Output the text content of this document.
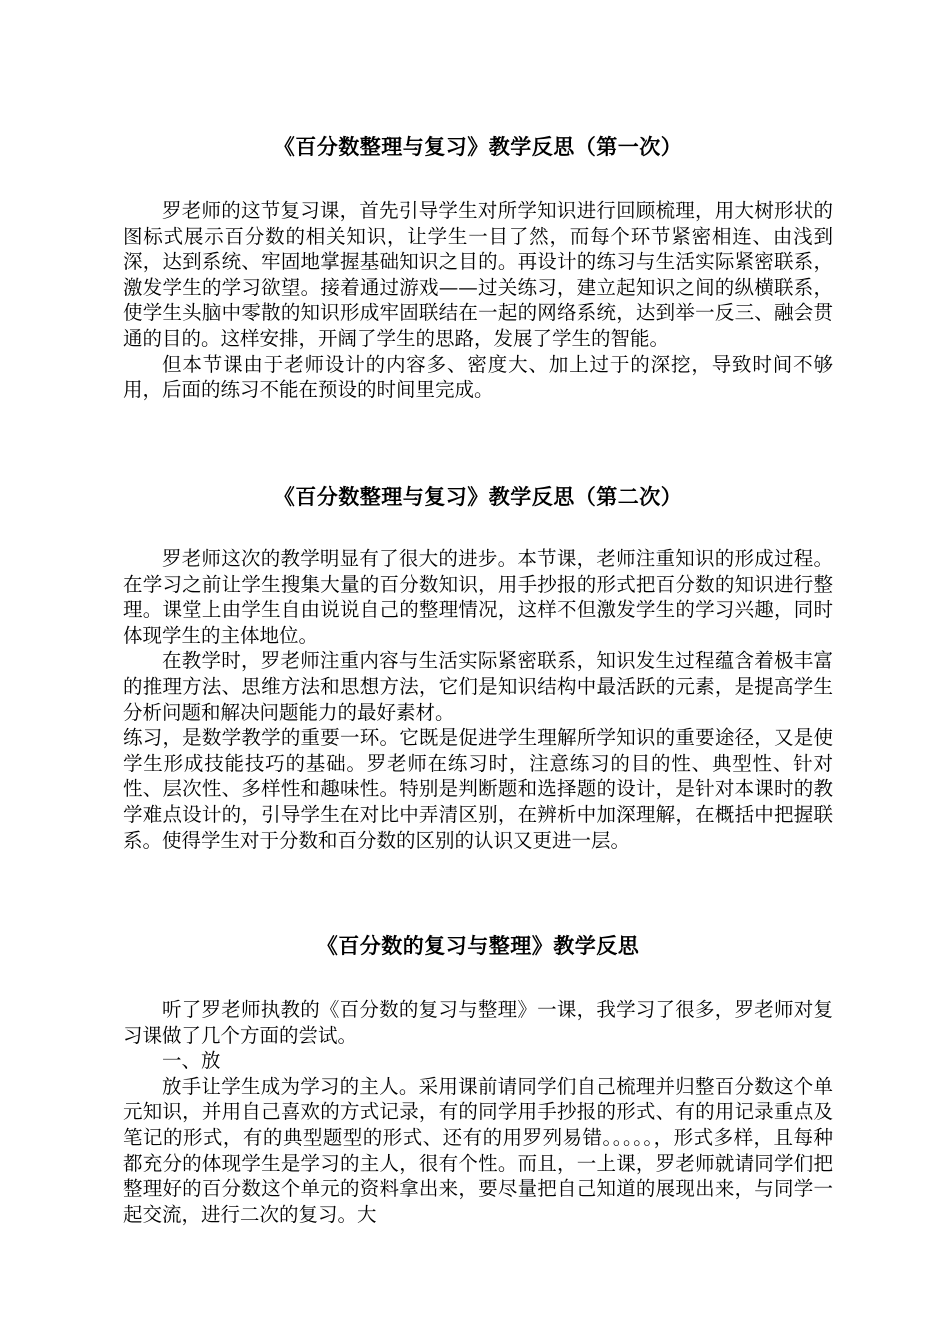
《百分数整理与复习》教学反思（第一次）

罗老师的这节复习课，首先引导学生对所学知识进行回顾梳理，用大树形状的图标式展示百分数的相关知识，让学生一目了然，而每个环节紧密相连、由浅到深，达到系统、牢固地掌握基础知识之目的。再设计的练习与生活实际紧密联系，激发学生的学习欲望。接着通过游戏——过关练习，建立起知识之间的纵横联系，使学生头脑中零散的知识形成牢固联结在一起的网络系统，达到举一反三、融会贯通的目的。这样安排，开阔了学生的思路，发展了学生的智能。

但本节课由于老师设计的内容多、密度大、加上过于的深挖，导致时间不够用，后面的练习不能在预设的时间里完成。

《百分数整理与复习》教学反思（第二次）

罗老师这次的教学明显有了很大的进步。本节课，老师注重知识的形成过程。在学习之前让学生搜集大量的百分数知识，用手抄报的形式把百分数的知识进行整理。课堂上由学生自由说说自己的整理情况，这样不但激发学生的学习兴趣，同时体现学生的主体地位。

在教学时，罗老师注重内容与生活实际紧密联系，知识发生过程蕴含着极丰富的推理方法、思维方法和思想方法，它们是知识结构中最活跃的元素，是提高学生分析问题和解决问题能力的最好素材。

练习，是数学教学的重要一环。它既是促进学生理解所学知识的重要途径，又是使学生形成技能技巧的基础。罗老师在练习时，注意练习的目的性、典型性、针对性、层次性、多样性和趣味性。特别是判断题和选择题的设计，是针对本课时的教学难点设计的，引导学生在对比中弄清区别，在辨析中加深理解，在概括中把握联系。使得学生对于分数和百分数的区别的认识又更进一层。

《百分数的复习与整理》教学反思

听了罗老师执教的《百分数的复习与整理》一课，我学习了很多，罗老师对复习课做了几个方面的尝试。

一、放

放手让学生成为学习的主人。采用课前请同学们自己梳理并归整百分数这个单元知识，并用自己喜欢的方式记录，有的同学用手抄报的形式、有的用记录重点及笔记的形式，有的典型题型的形式、还有的用罗列易错。。。。。，形式多样，且每种都充分的体现学生是学习的主人，很有个性。而且，一上课，罗老师就请同学们把整理好的百分数这个单元的资料拿出来，要尽量把自己知道的展现出来，与同学一起交流，进行二次的复习。大
